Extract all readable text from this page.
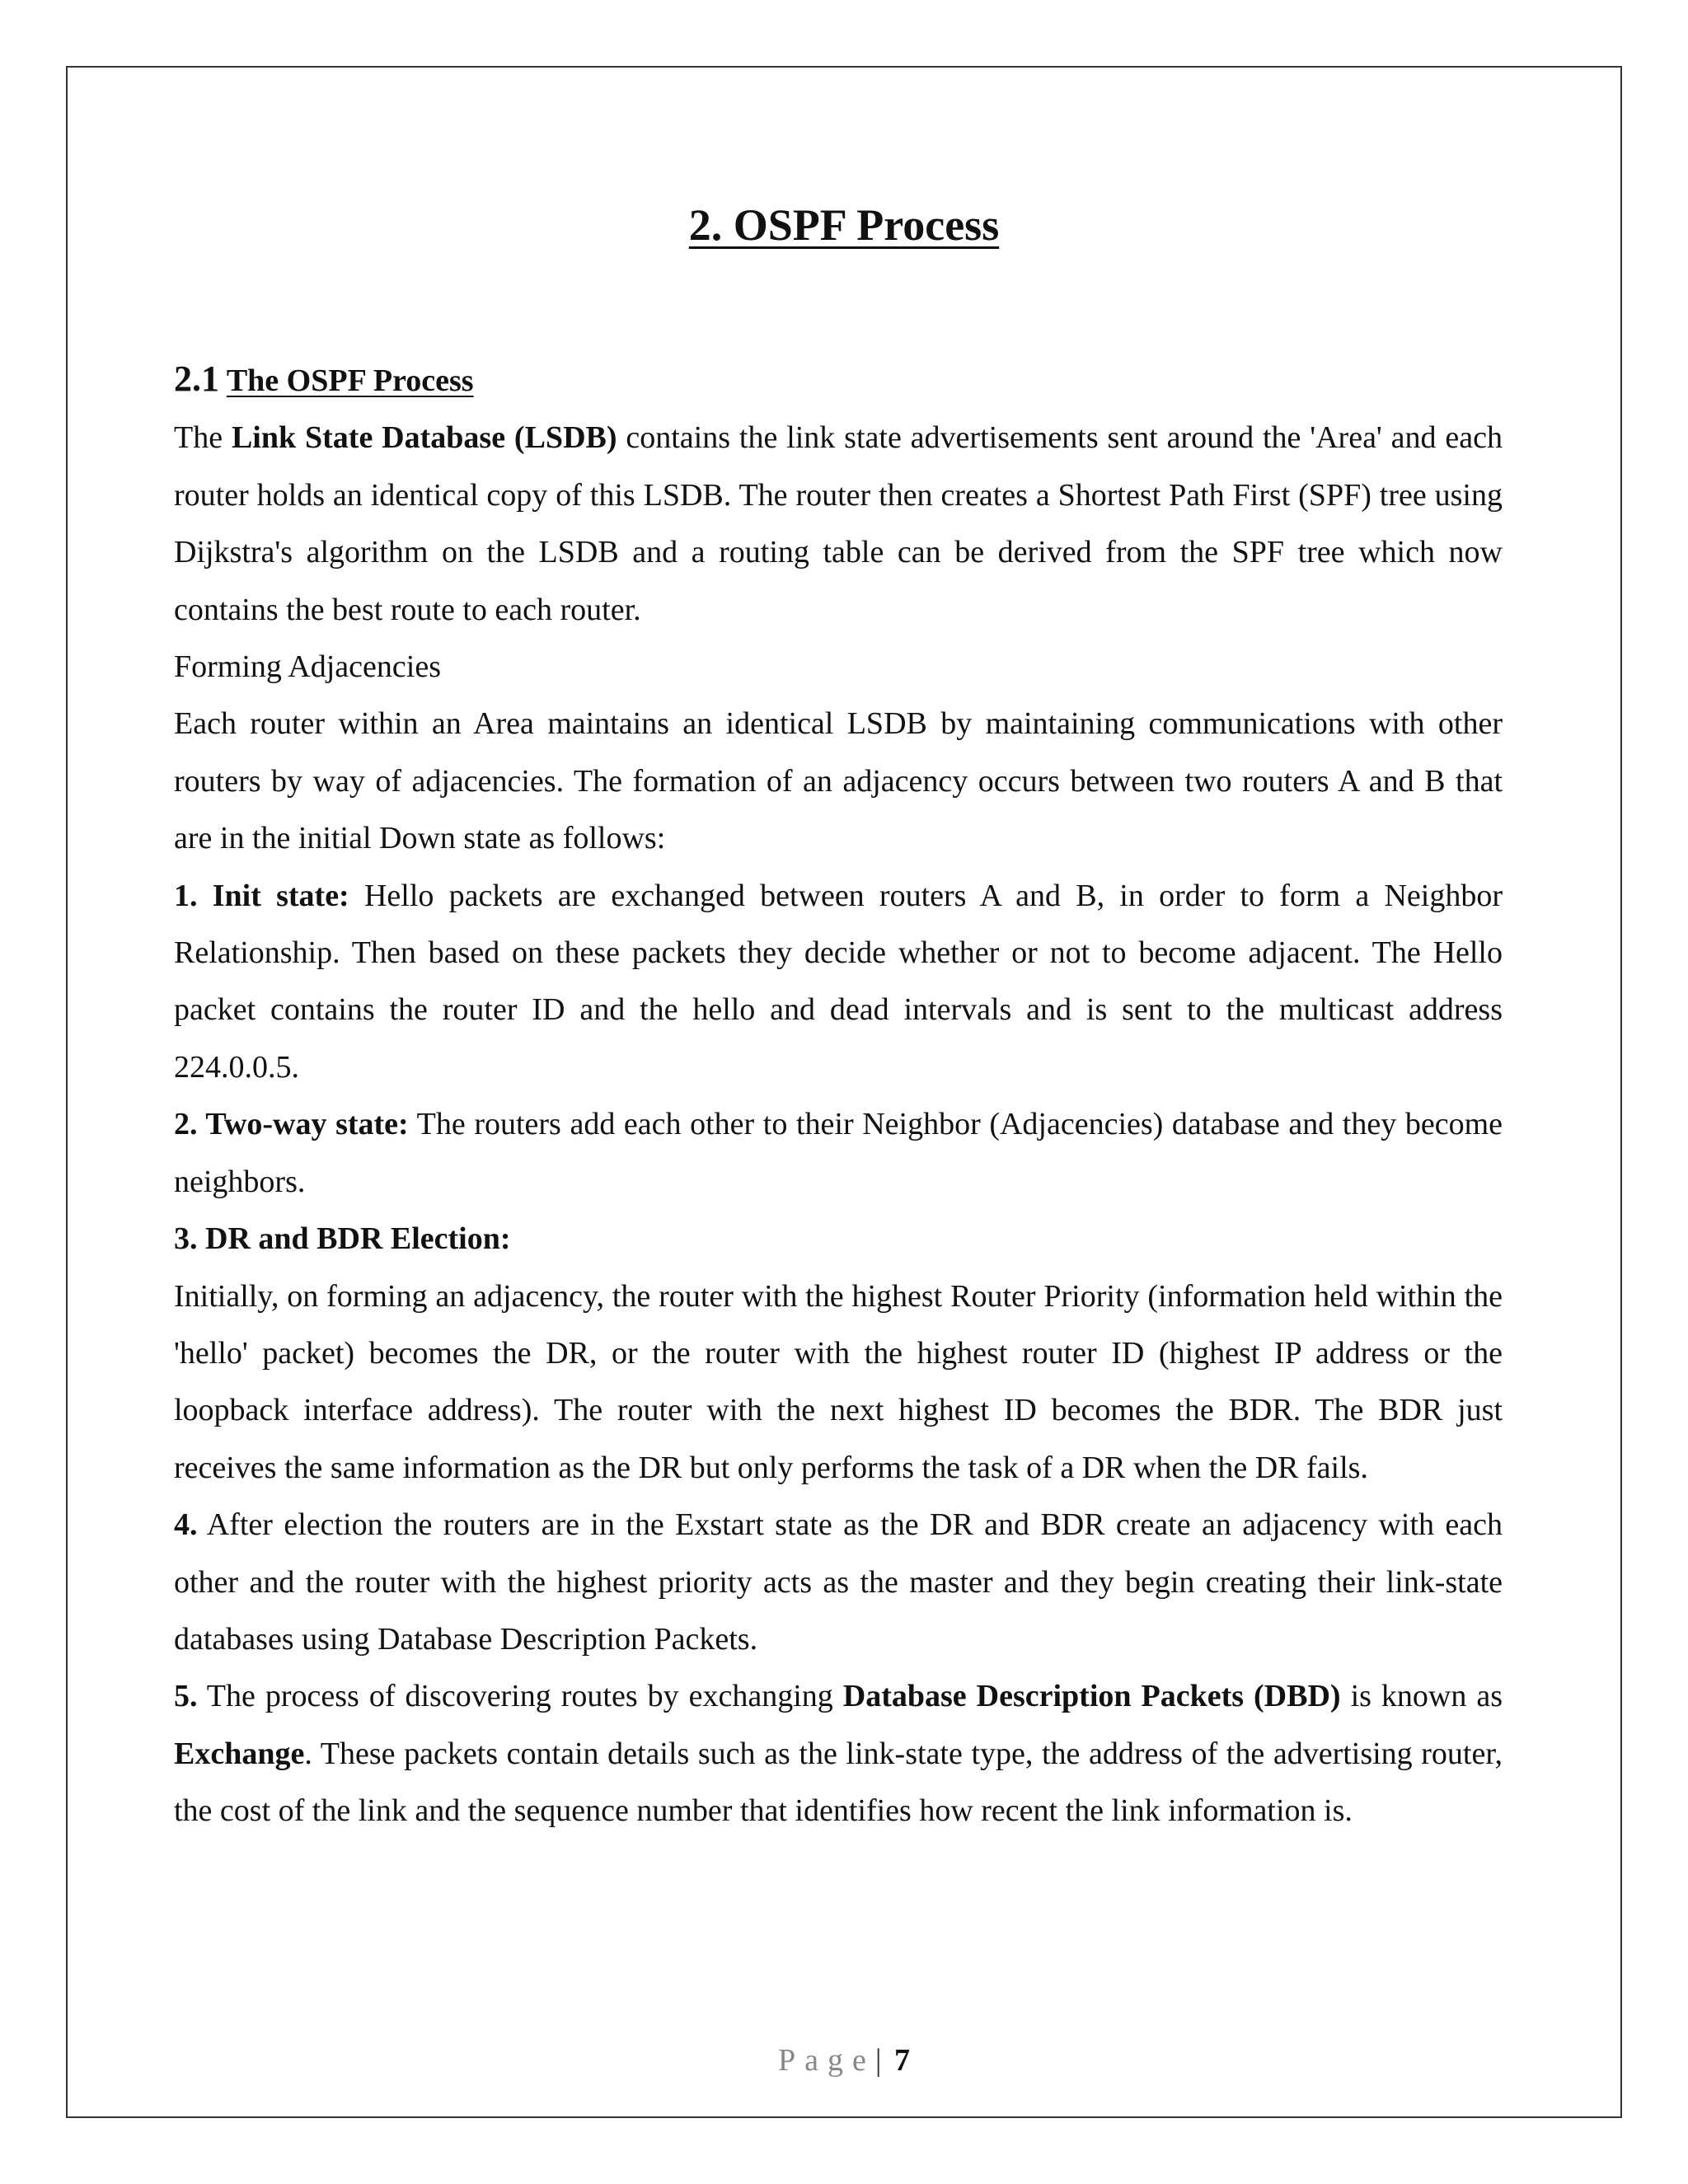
2. OSPF Process
2.1 The OSPF Process

The Link State Database (LSDB) contains the link state advertisements sent around the 'Area' and each router holds an identical copy of this LSDB. The router then creates a Shortest Path First (SPF) tree using Dijkstra's algorithm on the LSDB and a routing table can be derived from the SPF tree which now contains the best route to each router.

Forming Adjacencies

Each router within an Area maintains an identical LSDB by maintaining communications with other routers by way of adjacencies. The formation of an adjacency occurs between two routers A and B that are in the initial Down state as follows:

1. Init state: Hello packets are exchanged between routers A and B, in order to form a Neighbor Relationship. Then based on these packets they decide whether or not to become adjacent. The Hello packet contains the router ID and the hello and dead intervals and is sent to the multicast address 224.0.0.5.

2. Two-way state: The routers add each other to their Neighbor (Adjacencies) database and they become neighbors.

3. DR and BDR Election:

Initially, on forming an adjacency, the router with the highest Router Priority (information held within the 'hello' packet) becomes the DR, or the router with the highest router ID (highest IP address or the loopback interface address). The router with the next highest ID becomes the BDR. The BDR just receives the same information as the DR but only performs the task of a DR when the DR fails.

4. After election the routers are in the Exstart state as the DR and BDR create an adjacency with each other and the router with the highest priority acts as the master and they begin creating their link-state databases using Database Description Packets.

5. The process of discovering routes by exchanging Database Description Packets (DBD) is known as Exchange. These packets contain details such as the link-state type, the address of the advertising router, the cost of the link and the sequence number that identifies how recent the link information is.

Page| 7
